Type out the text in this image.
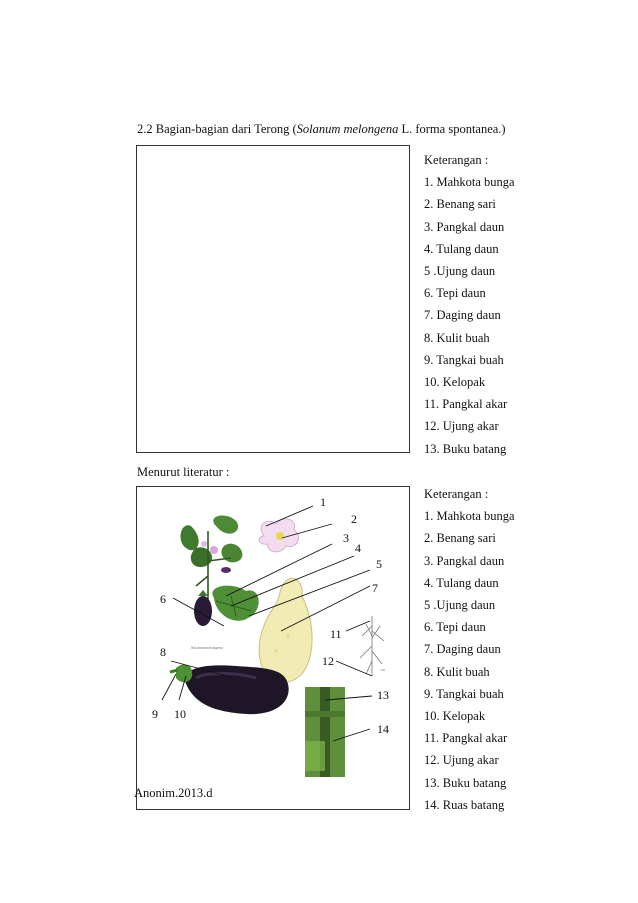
2.2 Bagian-bagian dari Terong (Solanum melongena L. forma spontanea.)
Keterangan :
1. Mahkota bunga
2. Benang sari
3. Pangkal daun
4. Tulang daun
5 .Ujung daun
6. Tepi daun
7. Daging daun
8. Kulit buah
9. Tangkai buah
10. Kelopak
11. Pangkal akar
12. Ujung akar
13. Buku batang
Menurut literatur :
Solanummelongena
cm
1
2
3
4
5
6
7
8
9 10
11
12
13
14
Keterangan :
1. Mahkota bunga
2. Benang sari
3. Pangkal daun
4. Tulang daun
5 .Ujung daun
6. Tepi daun
7. Daging daun
8. Kulit buah
9. Tangkai buah
10. Kelopak
11. Pangkal akar
12. Ujung akar
13. Buku batang
14. Ruas batang
Anonim.2013.d
